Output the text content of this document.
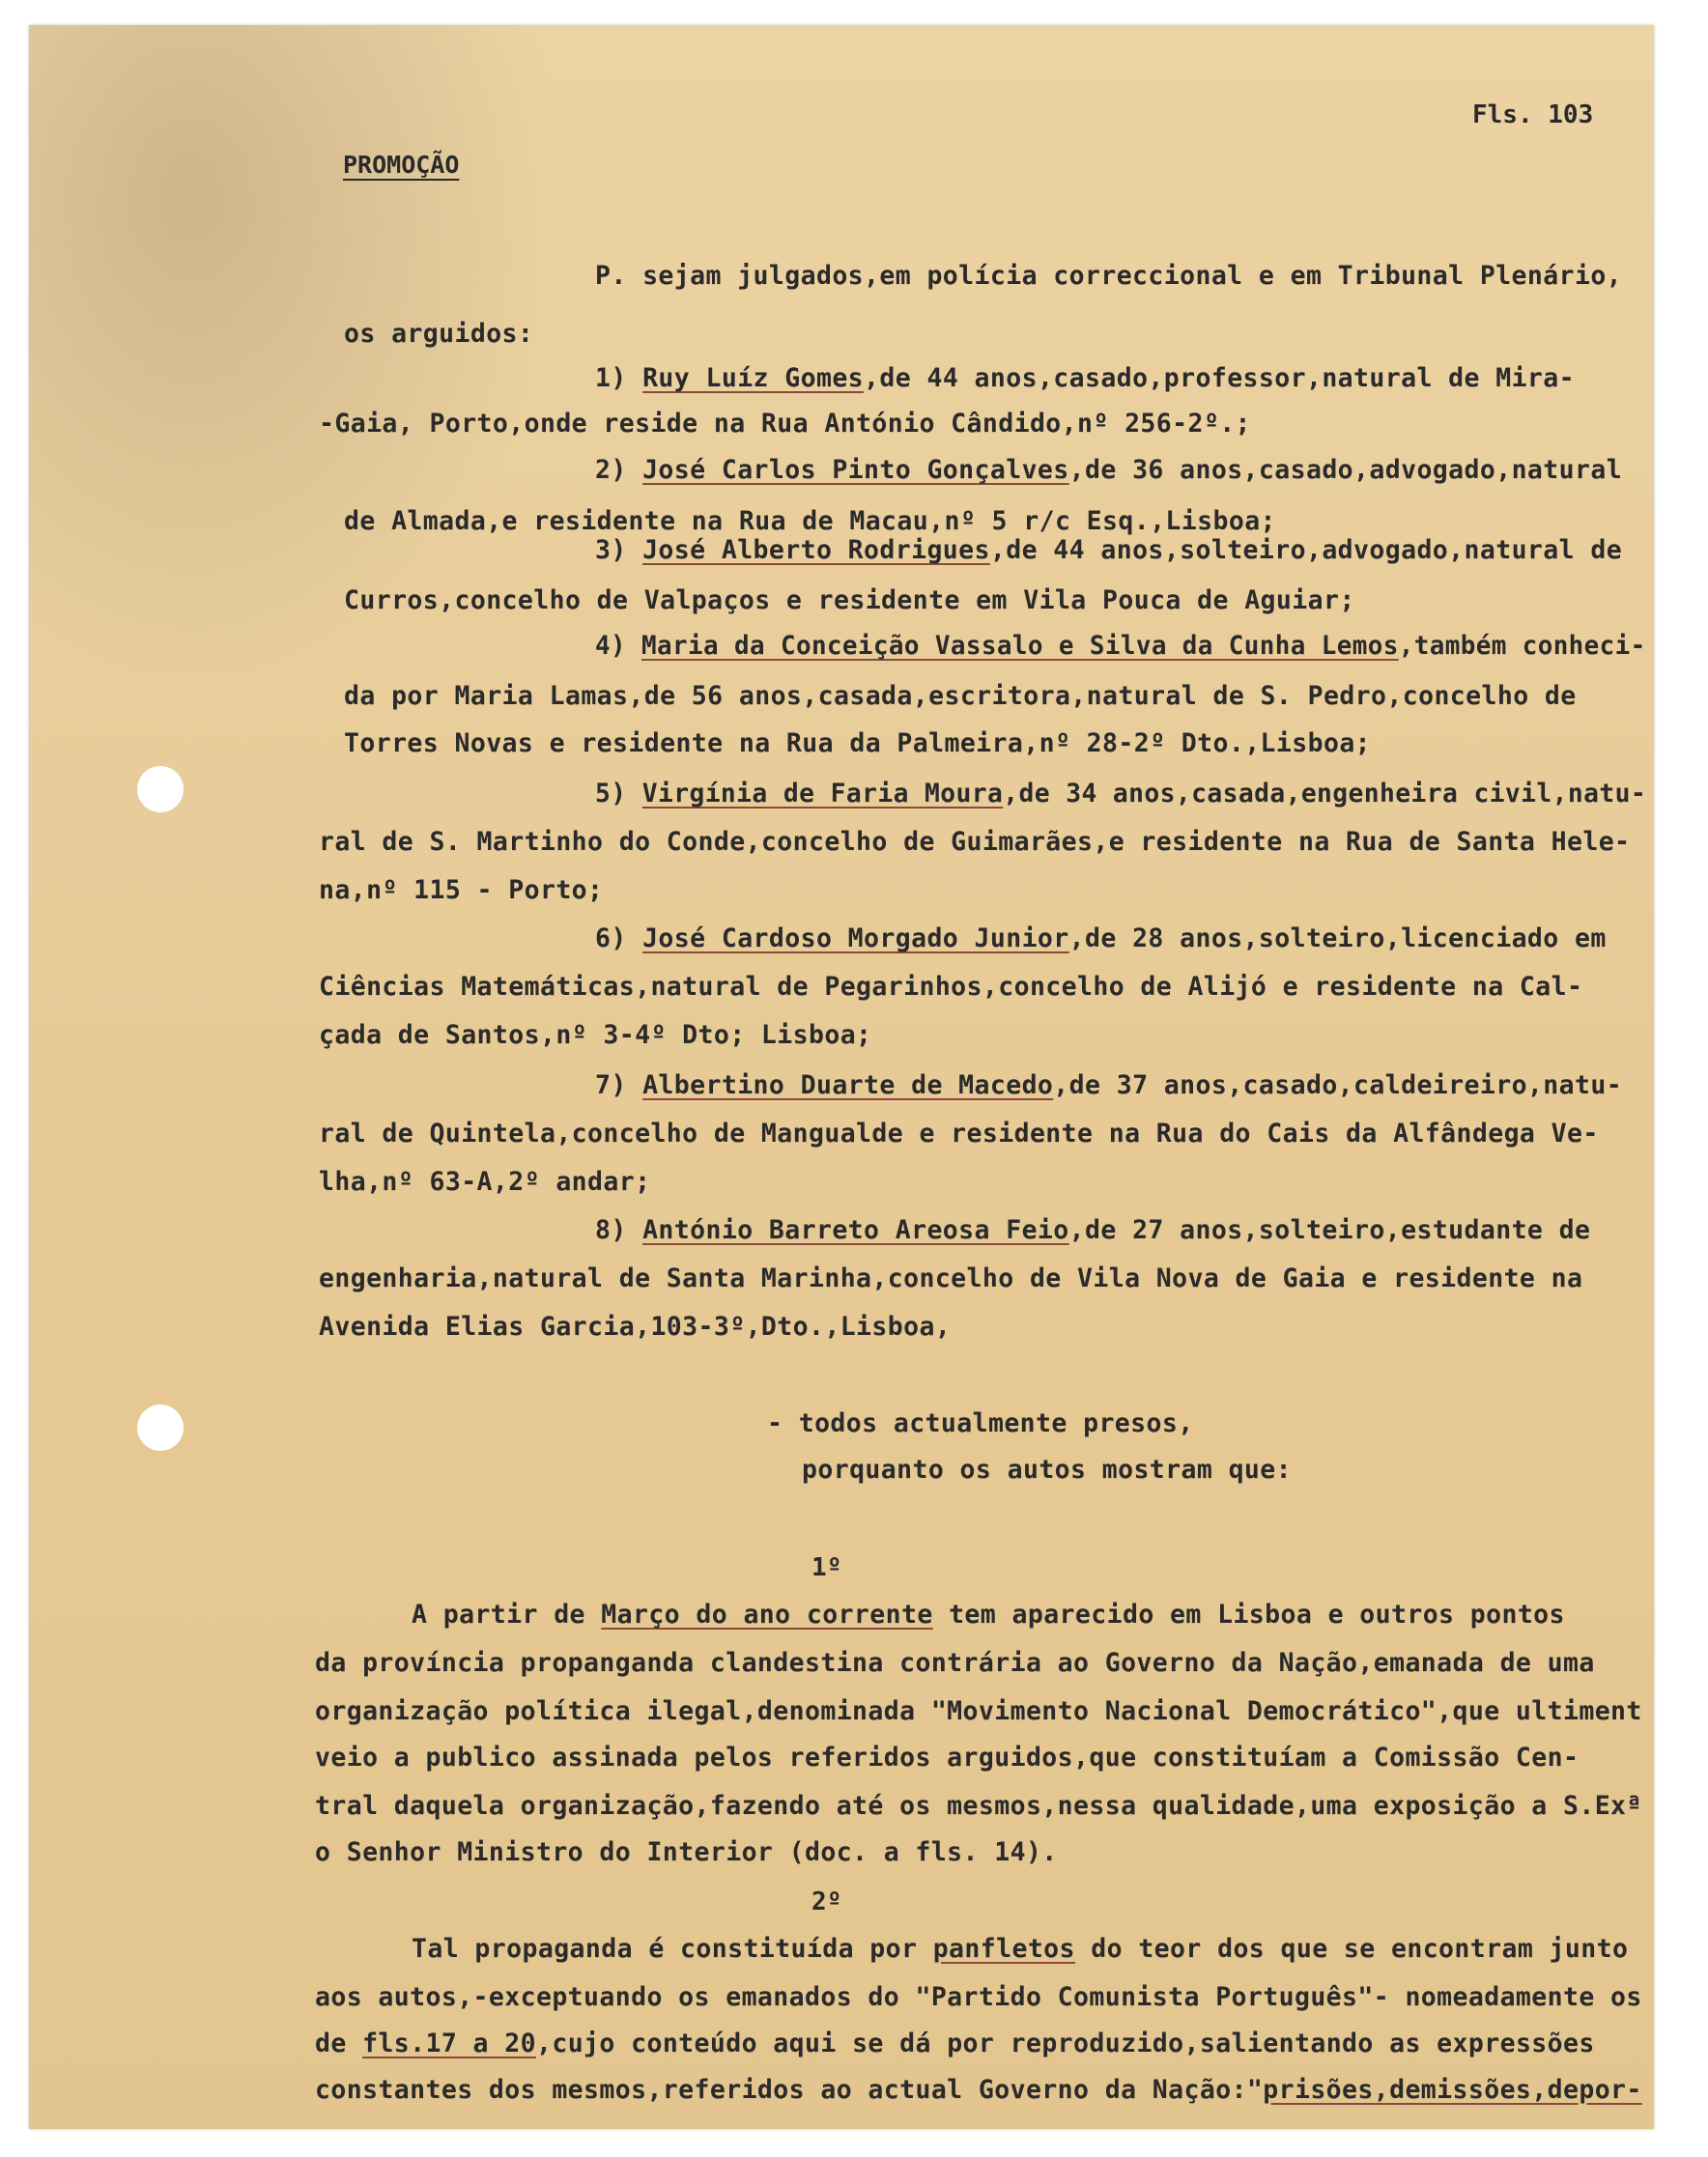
Fls. 103
PROMOÇÃO
P. sejam julgados,em polícia correccional e em Tribunal Plenário,
os arguidos:
1) Ruy Luíz Gomes,de 44 anos,casado,professor,natural de Mira-
-Gaia, Porto,onde reside na Rua António Cândido,nº 256-2º.;
2) José Carlos Pinto Gonçalves,de 36 anos,casado,advogado,natural
de Almada,e residente na Rua de Macau,nº 5 r/c Esq.,Lisboa;
3) José Alberto Rodrigues,de 44 anos,solteiro,advogado,natural de
Curros,concelho de Valpaços e residente em Vila Pouca de Aguiar;
4) Maria da Conceição Vassalo e Silva da Cunha Lemos,também conheci-
da por Maria Lamas,de 56 anos,casada,escritora,natural de S. Pedro,concelho de
Torres Novas e residente na Rua da Palmeira,nº 28-2º Dto.,Lisboa;
5) Virgínia de Faria Moura,de 34 anos,casada,engenheira civil,natu-
ral de S. Martinho do Conde,concelho de Guimarães,e residente na Rua de Santa Hele-
na,nº 115 - Porto;
6) José Cardoso Morgado Junior,de 28 anos,solteiro,licenciado em
Ciências Matemáticas,natural de Pegarinhos,concelho de Alijó e residente na Cal-
çada de Santos,nº 3-4º Dto; Lisboa;
7) Albertino Duarte de Macedo,de 37 anos,casado,caldeireiro,natu-
ral de Quintela,concelho de Mangualde e residente na Rua do Cais da Alfândega Ve-
lha,nº 63-A,2º andar;
8) António Barreto Areosa Feio,de 27 anos,solteiro,estudante de
engenharia,natural de Santa Marinha,concelho de Vila Nova de Gaia e residente na
Avenida Elias Garcia,103-3º,Dto.,Lisboa,
- todos actualmente presos,
porquanto os autos mostram que:
1º
A partir de Março do ano corrente tem aparecido em Lisboa e outros pontos
da província propanganda clandestina contrária ao Governo da Nação,emanada de uma
organização política ilegal,denominada "Movimento Nacional Democrático",que ultiment
veio a publico assinada pelos referidos arguidos,que constituíam a Comissão Cen-
tral daquela organização,fazendo até os mesmos,nessa qualidade,uma exposição a S.Exª
o Senhor Ministro do Interior (doc. a fls. 14).
2º
Tal propaganda é constituída por panfletos do teor dos que se encontram junto
aos autos,-exceptuando os emanados do "Partido Comunista Português"- nomeadamente os
de fls.17 a 20,cujo conteúdo aqui se dá por reproduzido,salientando as expressões
constantes dos mesmos,referidos ao actual Governo da Nação:"prisões,demissões,depor-
